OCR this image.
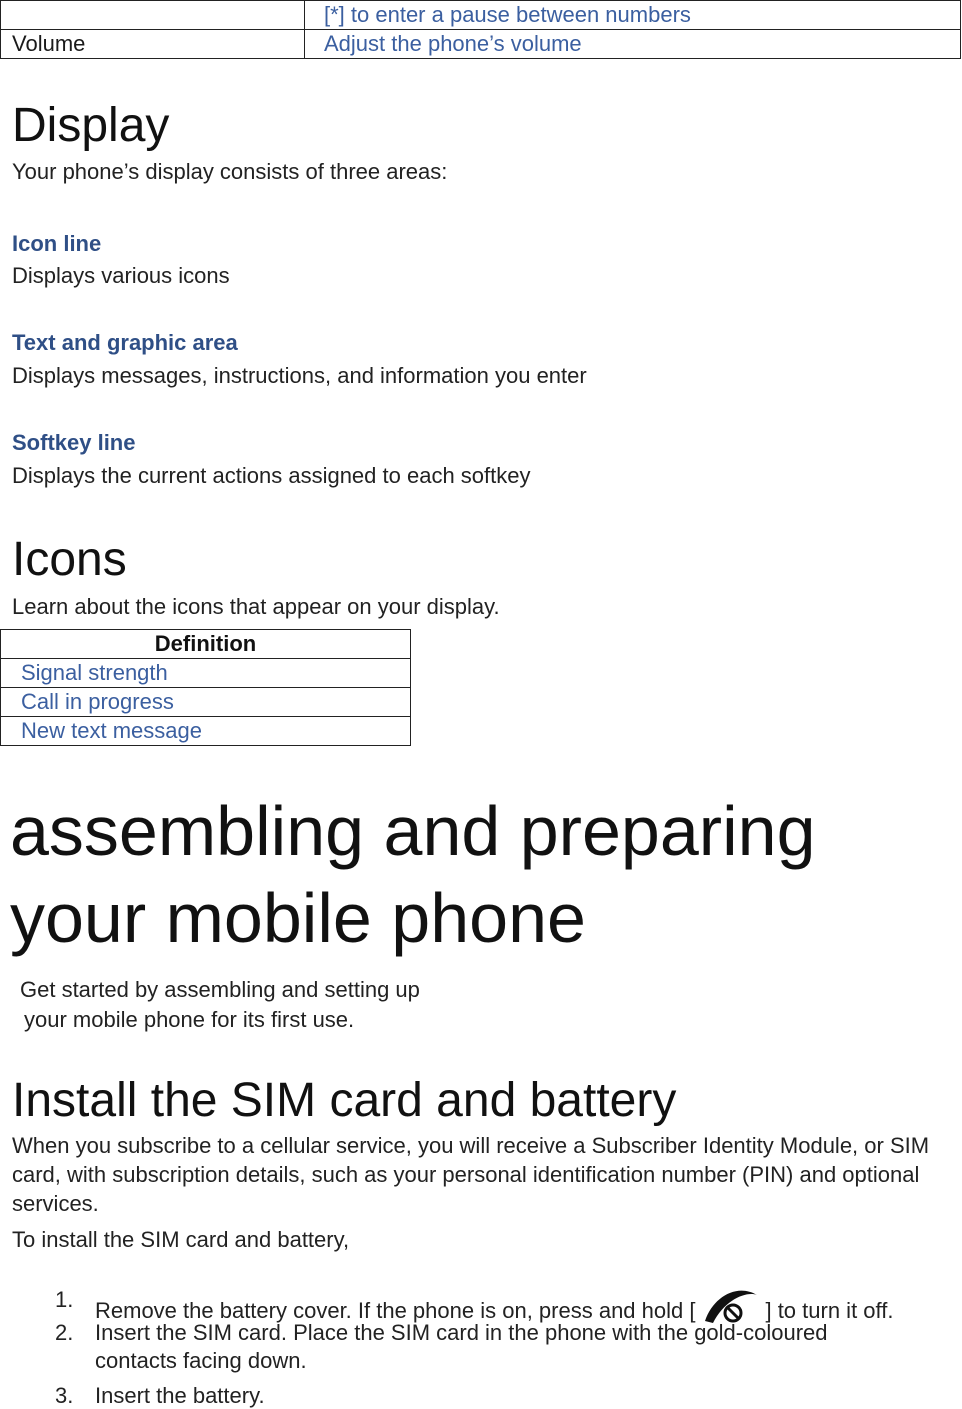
	[*] to enter a pause between numbers
Volume	Adjust the phone’s volume
Display
Your phone’s display consists of three areas:
Icon line
Displays various icons
Text and graphic area
Displays messages, instructions, and information you enter
Softkey line
Displays the current actions assigned to each softkey
Icons
Learn about the icons that appear on your display.
Definition
Signal strength
Call in progress
New text message
assembling and preparing
your mobile phone
Get started by assembling and setting up
your mobile phone for its first use.
Install the SIM card and battery
When you subscribe to a cellular service, you will receive a Subscriber Identity Module, or SIM card, with subscription details, such as your personal identification number (PIN) and optional services.
To install the SIM card and battery,
1. Remove the battery cover. If the phone is on, press and hold [	] to turn it off.
2. Insert the SIM card. Place the SIM card in the phone with the gold-coloured
contacts facing down.
3. Insert the battery.
